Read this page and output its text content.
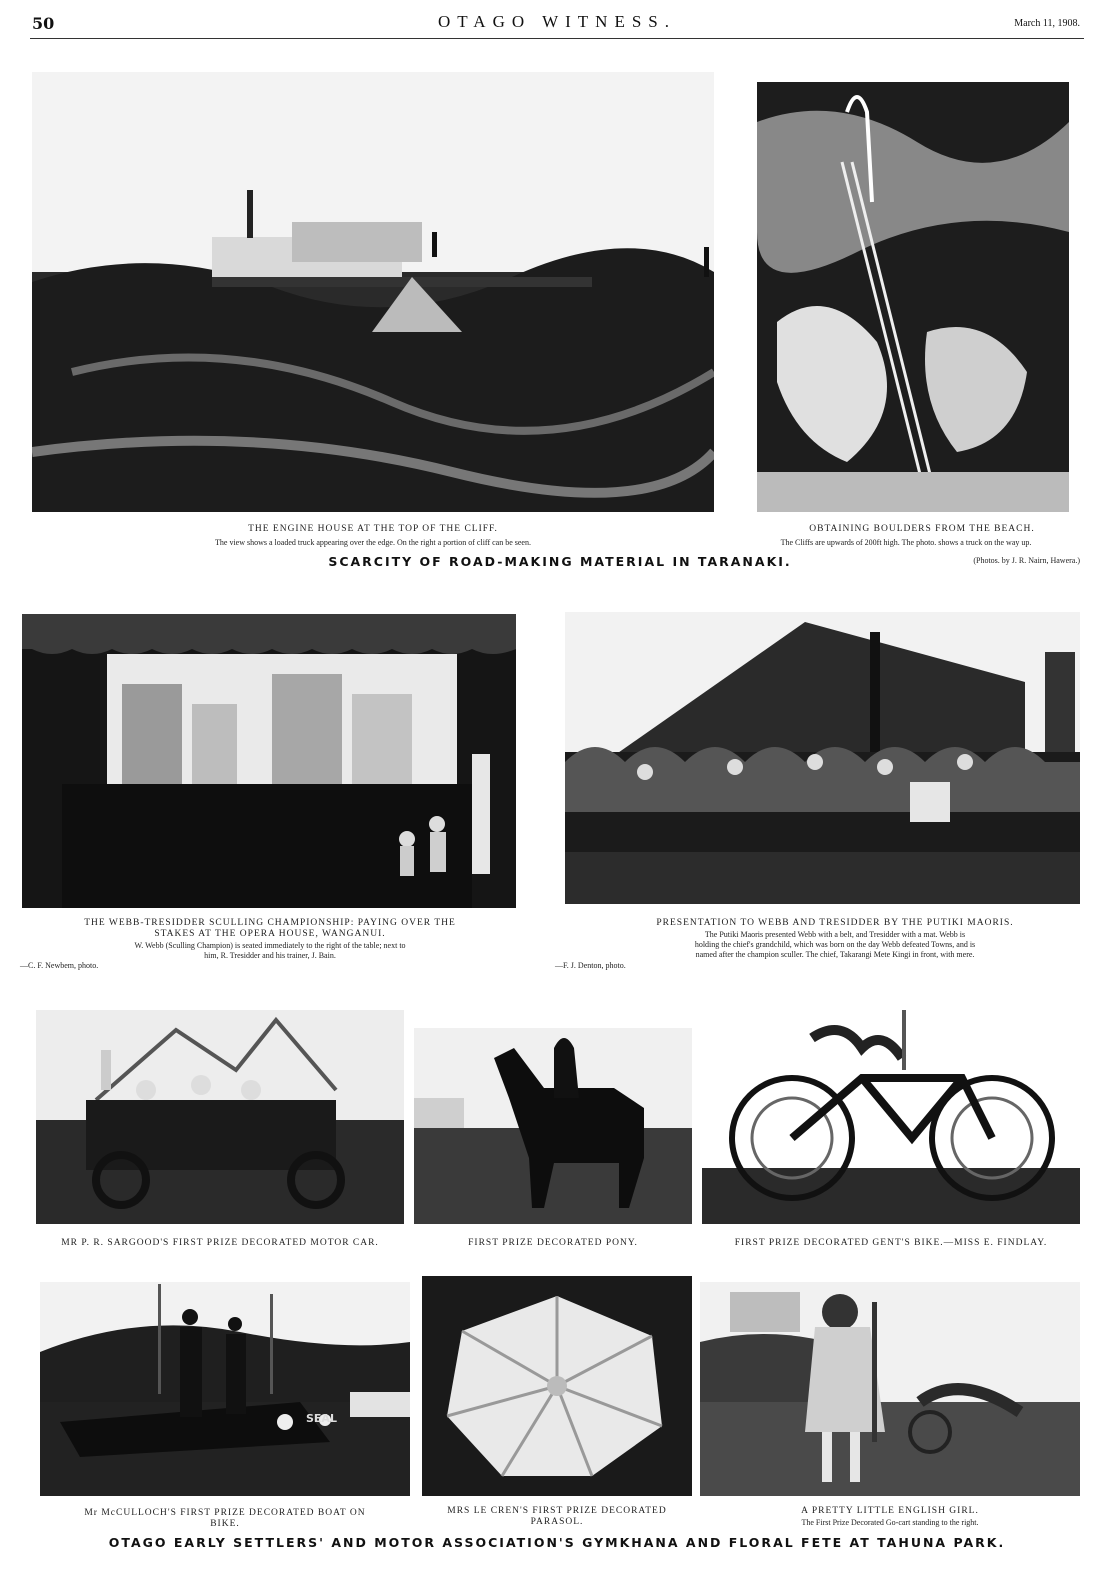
50	OTAGO WITNESS.	March 11, 1908.
THE ENGINE HOUSE AT THE TOP OF THE CLIFF.
The view shows a loaded truck appearing over the edge. On the right a portion of cliff can be seen.
OBTAINING BOULDERS FROM THE BEACH.
The Cliffs are upwards of 200ft high. The photo. shows a truck on the way up.
SCARCITY OF ROAD-MAKING MATERIAL IN TARANAKI.	(Photos. by J. R. Nairn, Hawera.)
THE WEBB-TRESIDDER SCULLING CHAMPIONSHIP: PAYING OVER THE
STAKES AT THE OPERA HOUSE, WANGANUI.
W. Webb (Sculling Champion) is seated immediately to the right of the table; next to
him, R. Tresidder and his trainer, J. Bain.
—C. F. Newbem, photo.
PRESENTATION TO WEBB AND TRESIDDER BY THE PUTIKI MAORIS.
The Putiki Maoris presented Webb with a belt, and Tresidder with a mat. Webb is
holding the chief's grandchild, which was born on the day Webb defeated Towns, and is
named after the champion sculler. The chief, Takarangi Mete Kingi in front, with mere.
—F. J. Denton, photo.
MR P. R. SARGOOD'S FIRST PRIZE DECORATED MOTOR CAR.	FIRST PRIZE DECORATED PONY.	FIRST PRIZE DECORATED GENT'S BIKE.—MISS E. FINDLAY.
SEAL
Mr McCULLOCH'S FIRST PRIZE DECORATED BOAT ON
BIKE.
MRS LE CREN'S FIRST PRIZE DECORATED
PARASOL.
A PRETTY LITTLE ENGLISH GIRL.
The First Prize Decorated Go-cart standing to the right.
OTAGO EARLY SETTLERS' AND MOTOR ASSOCIATION'S GYMKHANA AND FLORAL FETE AT TAHUNA PARK.
